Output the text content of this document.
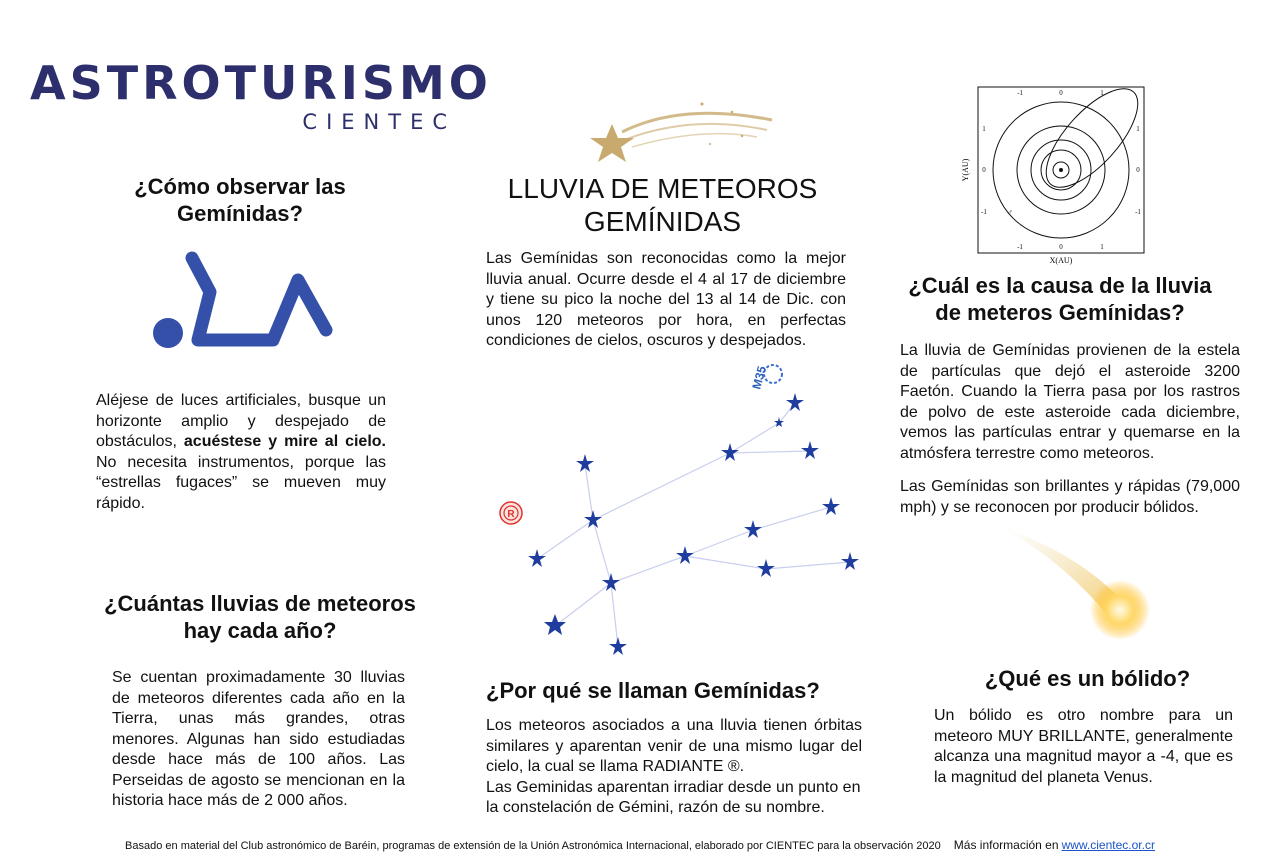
ASTROTURISMO
CIENTEC
LLUVIA DE METEOROS
GEMÍNIDAS

Las Gemínidas son reconocidas como la mejor lluvia anual. Ocurre desde el 4 al 17 de diciembre y tiene su pico la noche del 13 al 14 de Dic. con unos 120 meteoros por hora, en perfectas condiciones de cielos, oscuros y despejados.

¿Cómo observar las
Gemínidas?

Aléjese de luces artificiales, busque un horizonte amplio y despejado de obstáculos, acuéstese y mire al cielo. No necesita instrumentos, porque las “estrellas fugaces” se mueven muy rápido.

¿Cuántas lluvias de meteoros
hay cada año?

Se cuentan proximadamente 30 lluvias de meteoros diferentes cada año en la Tierra, unas más grandes, otras menores. Algunas han sido estudiadas desde hace más de 100 años. Las Perseidas de agosto se mencionan en la historia hace más de 2 000 años.

M35
R
¿Por qué se llaman Gemínidas?

Los meteoros asociados a una lluvia tienen órbitas similares y aparentan venir de una mismo lugar del cielo, la cual se llama RADIANTE ®.

Las Geminidas aparentan irradiar desde un punto en la constelación de Gémini, razón de su nombre.

♂
X(AU)
Y(AU)
-1	0	1
-1	0	1
1
0
-1
1
0
-1
¿Cuál es la causa de la lluvia
de meteros Gemínidas?

La lluvia de Gemínidas provienen de la estela de partículas que dejó el asteroide 3200 Faetón. Cuando la Tierra pasa por los rastros de polvo de este asteroide cada diciembre, vemos las partículas entrar y quemarse en la atmósfera terrestre como meteoros.

Las Gemínidas son brillantes y rápidas (79,000 mph) y se reconocen por producir bólidos.

¿Qué es un bólido?

Un bólido es otro nombre para un meteoro MUY BRILLANTE, generalmente alcanza una magnitud mayor a -4, que es la magnitud del planeta Venus.

Basado en material del Club astronómico de Baréin, programas de extensión de la Unión Astronómica Internacional, elaborado por CIENTEC para la observación 2020 Más información en www.cientec.or.cr
